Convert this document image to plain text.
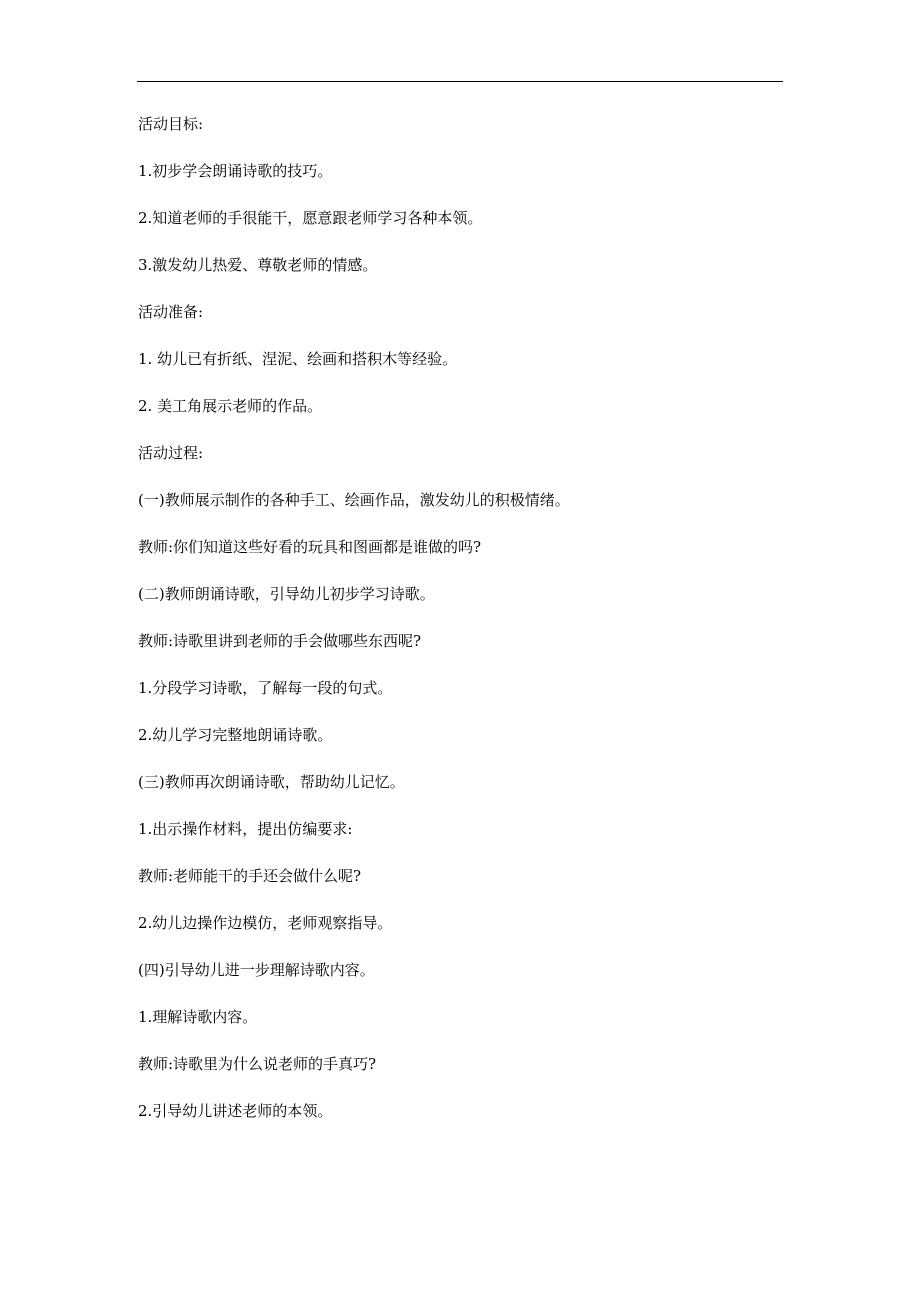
活动目标:
1.初步学会朗诵诗歌的技巧。
2.知道老师的手很能干，愿意跟老师学习各种本领。
3.激发幼儿热爱、尊敬老师的情感。
活动准备:
1. 幼儿已有折纸、涅泥、绘画和搭积木等经验。
2. 美工角展示老师的作品。
活动过程:
(一)教师展示制作的各种手工、绘画作品，激发幼儿的积极情绪。
教师:你们知道这些好看的玩具和图画都是谁做的吗?
(二)教师朗诵诗歌，引导幼儿初步学习诗歌。
教师:诗歌里讲到老师的手会做哪些东西呢?
1.分段学习诗歌，了解每一段的句式。
2.幼儿学习完整地朗诵诗歌。
(三)教师再次朗诵诗歌，帮助幼儿记忆。
1.出示操作材料，提出仿编要求:
教师:老师能干的手还会做什么呢?
2.幼儿边操作边模仿，老师观察指导。
(四)引导幼儿进一步理解诗歌内容。
1.理解诗歌内容。
教师:诗歌里为什么说老师的手真巧?
2.引导幼儿讲述老师的本领。
